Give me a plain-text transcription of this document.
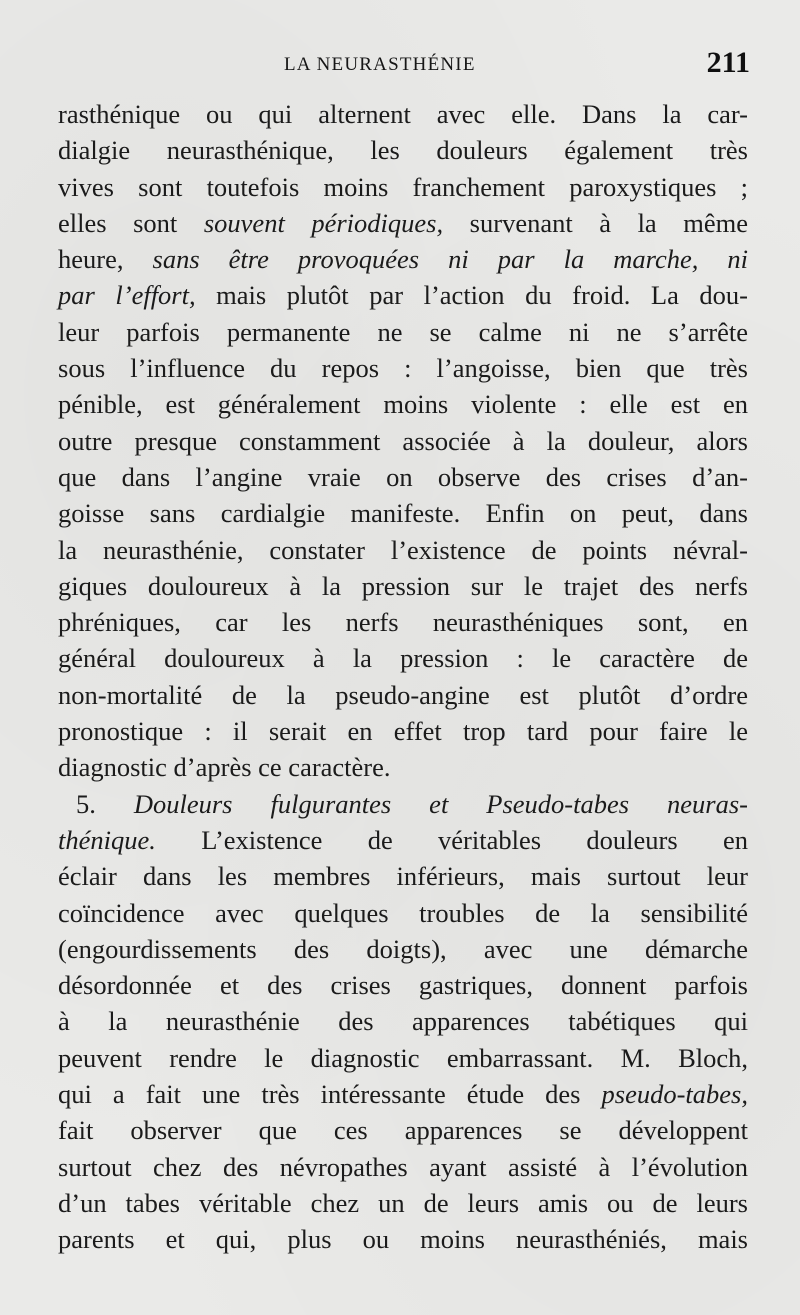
LA NEURASTHÉNIE	211
rasthénique ou qui alternent avec elle. Dans la car-
dialgie neurasthénique, les douleurs également très
vives sont toutefois moins franchement paroxystiques ;
elles sont souvent périodiques, survenant à la même
heure, sans être provoquées ni par la marche, ni
par l’effort, mais plutôt par l’action du froid. La dou-
leur parfois permanente ne se calme ni ne s’arrête
sous l’influence du repos : l’angoisse, bien que très
pénible, est généralement moins violente : elle est en
outre presque constamment associée à la douleur, alors
que dans l’angine vraie on observe des crises d’an-
goisse sans cardialgie manifeste. Enfin on peut, dans
la neurasthénie, constater l’existence de points névral-
giques douloureux à la pression sur le trajet des nerfs
phréniques, car les nerfs neurasthéniques sont, en
général douloureux à la pression : le caractère de
non-mortalité de la pseudo-angine est plutôt d’ordre
pronostique : il serait en effet trop tard pour faire le
diagnostic d’après ce caractère.
5. Douleurs fulgurantes et Pseudo-tabes neuras-
thénique. L’existence de véritables douleurs en
éclair dans les membres inférieurs, mais surtout leur
coïncidence avec quelques troubles de la sensibilité
(engourdissements des doigts), avec une démarche
désordonnée et des crises gastriques, donnent parfois
à la neurasthénie des apparences tabétiques qui
peuvent rendre le diagnostic embarrassant. M. Bloch,
qui a fait une très intéressante étude des pseudo-tabes,
fait observer que ces apparences se développent
surtout chez des névropathes ayant assisté à l’évolution
d’un tabes véritable chez un de leurs amis ou de leurs
parents et qui, plus ou moins neurasthéniés, mais
